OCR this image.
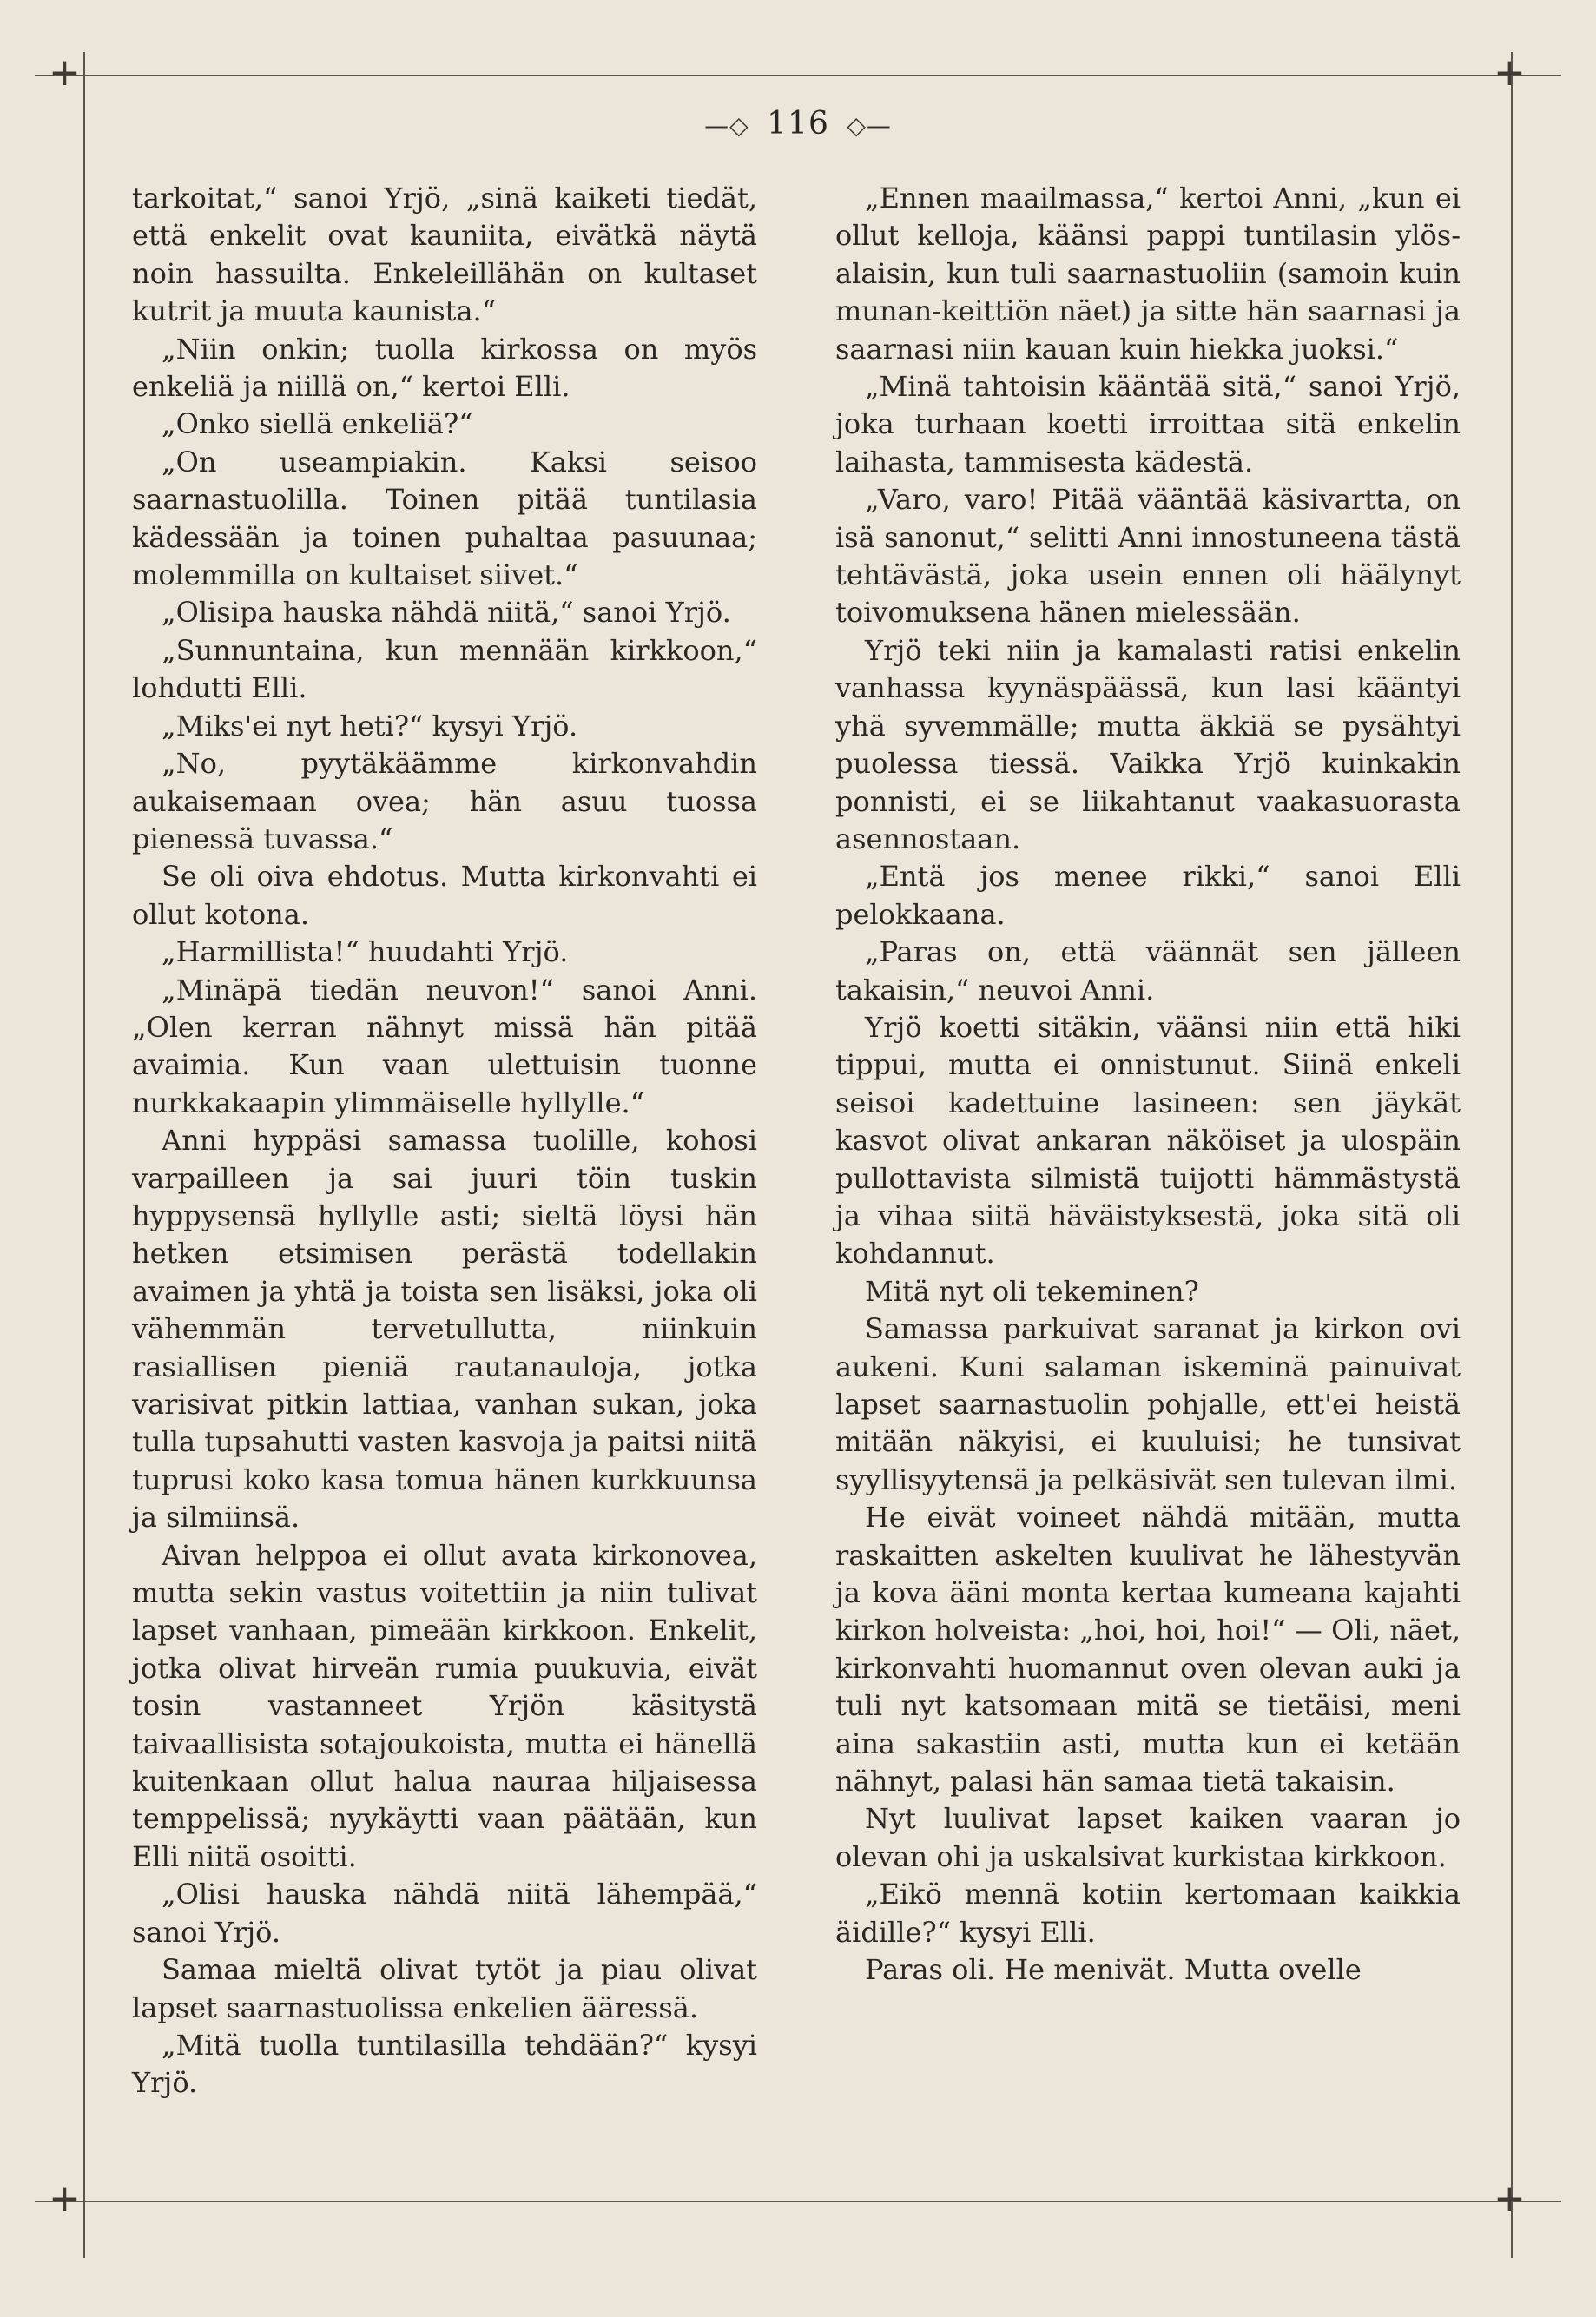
+	+
+	+
—◇ 116 ◇—

tarkoitat,“ sanoi Yrjö, „sinä kaiketi tiedät, että enkelit ovat kauniita, eivätkä näytä noin hassuilta. Enkeleillähän on kultaset kutrit ja muuta kaunista.“

„Niin onkin; tuolla kirkossa on myös enkeliä ja niillä on,“ kertoi Elli.

„Onko siellä enkeliä?“

„On useampiakin. Kaksi seisoo saarnastuolilla. Toinen pitää tuntilasia kädessään ja toinen puhaltaa pasuunaa; molemmilla on kultaiset siivet.“

„Olisipa hauska nähdä niitä,“ sanoi Yrjö.

„Sunnuntaina, kun mennään kirkkoon,“ lohdutti Elli.

„Miks'ei nyt heti?“ kysyi Yrjö.

„No, pyytäkäämme kirkonvahdin aukaisemaan ovea; hän asuu tuossa pienessä tuvassa.“

Se oli oiva ehdotus. Mutta kirkonvahti ei ollut kotona.

„Harmillista!“ huudahti Yrjö.

„Minäpä tiedän neuvon!“ sanoi Anni. „Olen kerran nähnyt missä hän pitää avaimia. Kun vaan ulettuisin tuonne nurkkakaapin ylimmäiselle hyllylle.“

Anni hyppäsi samassa tuolille, kohosi varpailleen ja sai juuri töin tuskin hyppysensä hyllylle asti; sieltä löysi hän hetken etsimisen perästä todellakin avaimen ja yhtä ja toista sen lisäksi, joka oli vähemmän tervetullutta, niinkuin rasiallisen pieniä rautanauloja, jotka varisivat pitkin lattiaa, vanhan sukan, joka tulla tupsahutti vasten kasvoja ja paitsi niitä tuprusi koko kasa tomua hänen kurkkuunsa ja silmiinsä.

Aivan helppoa ei ollut avata kirkonovea, mutta sekin vastus voitettiin ja niin tulivat lapset vanhaan, pimeään kirkkoon. Enkelit, jotka olivat hirveän rumia puukuvia, eivät tosin vastanneet Yrjön käsitystä taivaallisista sotajoukoista, mutta ei hänellä kuitenkaan ollut halua nauraa hiljaisessa temppelissä; nyykäytti vaan päätään, kun Elli niitä osoitti.

„Olisi hauska nähdä niitä lähempää,“ sanoi Yrjö.

Samaa mieltä olivat tytöt ja piau olivat lapset saarnastuolissa enkelien ääressä.

„Mitä tuolla tuntilasilla tehdään?“ kysyi Yrjö.

„Ennen maailmassa,“ kertoi Anni, „kun ei ollut kelloja, käänsi pappi tuntilasin ylös-alaisin, kun tuli saarnastuoliin (samoin kuin munan-keittiön näet) ja sitte hän saarnasi ja saarnasi niin kauan kuin hiekka juoksi.“

„Minä tahtoisin kääntää sitä,“ sanoi Yrjö, joka turhaan koetti irroittaa sitä enkelin laihasta, tammisesta kädestä.

„Varo, varo! Pitää vääntää käsivartta, on isä sanonut,“ selitti Anni innostuneena tästä tehtävästä, joka usein ennen oli häälynyt toivomuksena hänen mielessään.

Yrjö teki niin ja kamalasti ratisi enkelin vanhassa kyynäspäässä, kun lasi kääntyi yhä syvemmälle; mutta äkkiä se pysähtyi puolessa tiessä. Vaikka Yrjö kuinkakin ponnisti, ei se liikahtanut vaakasuorasta asennostaan.

„Entä jos menee rikki,“ sanoi Elli pelokkaana.

„Paras on, että väännät sen jälleen takaisin,“ neuvoi Anni.

Yrjö koetti sitäkin, väänsi niin että hiki tippui, mutta ei onnistunut. Siinä enkeli seisoi kadettuine lasineen: sen jäykät kasvot olivat ankaran näköiset ja ulospäin pullottavista silmistä tuijotti hämmästystä ja vihaa siitä häväistyksestä, joka sitä oli kohdannut.

Mitä nyt oli tekeminen?

Samassa parkuivat saranat ja kirkon ovi aukeni. Kuni salaman iskeminä painuivat lapset saarnastuolin pohjalle, ett'ei heistä mitään näkyisi, ei kuuluisi; he tunsivat syyllisyytensä ja pelkäsivät sen tulevan ilmi.

He eivät voineet nähdä mitään, mutta raskaitten askelten kuulivat he lähestyvän ja kova ääni monta kertaa kumeana kajahti kirkon holveista: „hoi, hoi, hoi!“ — Oli, näet, kirkonvahti huomannut oven olevan auki ja tuli nyt katsomaan mitä se tietäisi, meni aina sakastiin asti, mutta kun ei ketään nähnyt, palasi hän samaa tietä takaisin.

Nyt luulivat lapset kaiken vaaran jo olevan ohi ja uskalsivat kurkistaa kirkkoon.

„Eikö mennä kotiin kertomaan kaikkia äidille?“ kysyi Elli.

Paras oli. He menivät. Mutta ovelle
